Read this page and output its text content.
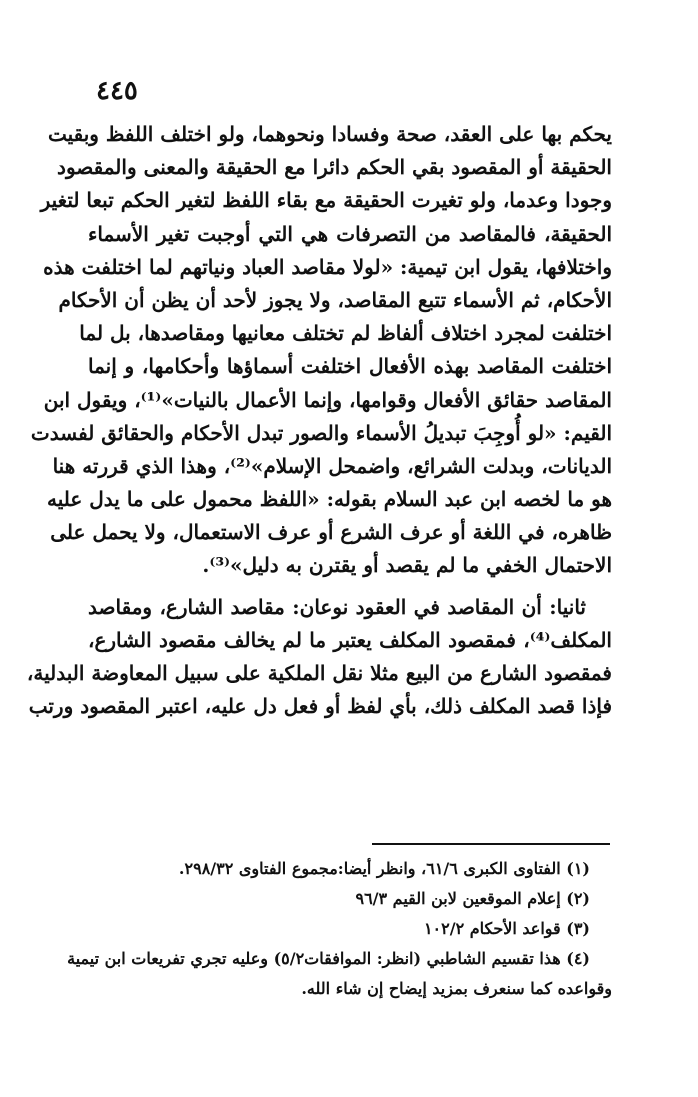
٤٤٥
يحكم بها على العقد، صحة وفسادا ونحوهما، ولو اختلف اللفظ وبقيت
الحقيقة أو المقصود بقي الحكم دائرا مع الحقيقة والمعنى والمقصود
وجودا وعدما، ولو تغيرت الحقيقة مع بقاء اللفظ لتغير الحكم تبعا لتغير
الحقيقة، فالمقاصد من التصرفات هي التي أوجبت تغير الأسماء
واختلافها، يقول ابن تيمية: «لولا مقاصد العباد ونياتهم لما اختلفت هذه
الأحكام، ثم الأسماء تتبع المقاصد، ولا يجوز لأحد أن يظن أن الأحكام
اختلفت لمجرد اختلاف ألفاظ لم تختلف معانيها ومقاصدها، بل لما
اختلفت المقاصد بهذه الأفعال اختلفت أسماؤها وأحكامها، و إنما
المقاصد حقائق الأفعال وقوامها، وإنما الأعمال بالنيات»⁽¹⁾، ويقول ابن
القيم: «لو أُوجِبَ تبديلُ الأسماء والصور تبدل الأحكام والحقائق لفسدت
الديانات، وبدلت الشرائع، واضمحل الإسلام»⁽²⁾، وهذا الذي قررته هنا
هو ما لخصه ابن عبد السلام بقوله: «اللفظ محمول على ما يدل عليه
ظاهره، في اللغة أو عرف الشرع أو عرف الاستعمال، ولا يحمل على
الاحتمال الخفي ما لم يقصد أو يقترن به دليل»⁽³⁾.
ثانيا: أن المقاصد في العقود نوعان: مقاصد الشارع، ومقاصد
المكلف⁽⁴⁾، فمقصود المكلف يعتبر ما لم يخالف مقصود الشارع،
فمقصود الشارع من البيع مثلا نقل الملكية على سبيل المعاوضة البدلية،
فإذا قصد المكلف ذلك، بأي لفظ أو فعل دل عليه، اعتبر المقصود ورتب
(١) الفتاوى الكبرى ٦١/٦، وانظر أيضا:مجموع الفتاوى ٢٩٨/٣٢.
(٢) إعلام الموقعين لابن القيم ٩٦/٣
(٣) قواعد الأحكام ١٠٢/٢
(٤) هذا تقسيم الشاطبي (انظر: الموافقات٥/٢) وعليه تجري تفريعات ابن تيمية
وقواعده كما سنعرف بمزيد إيضاح إن شاء الله.
